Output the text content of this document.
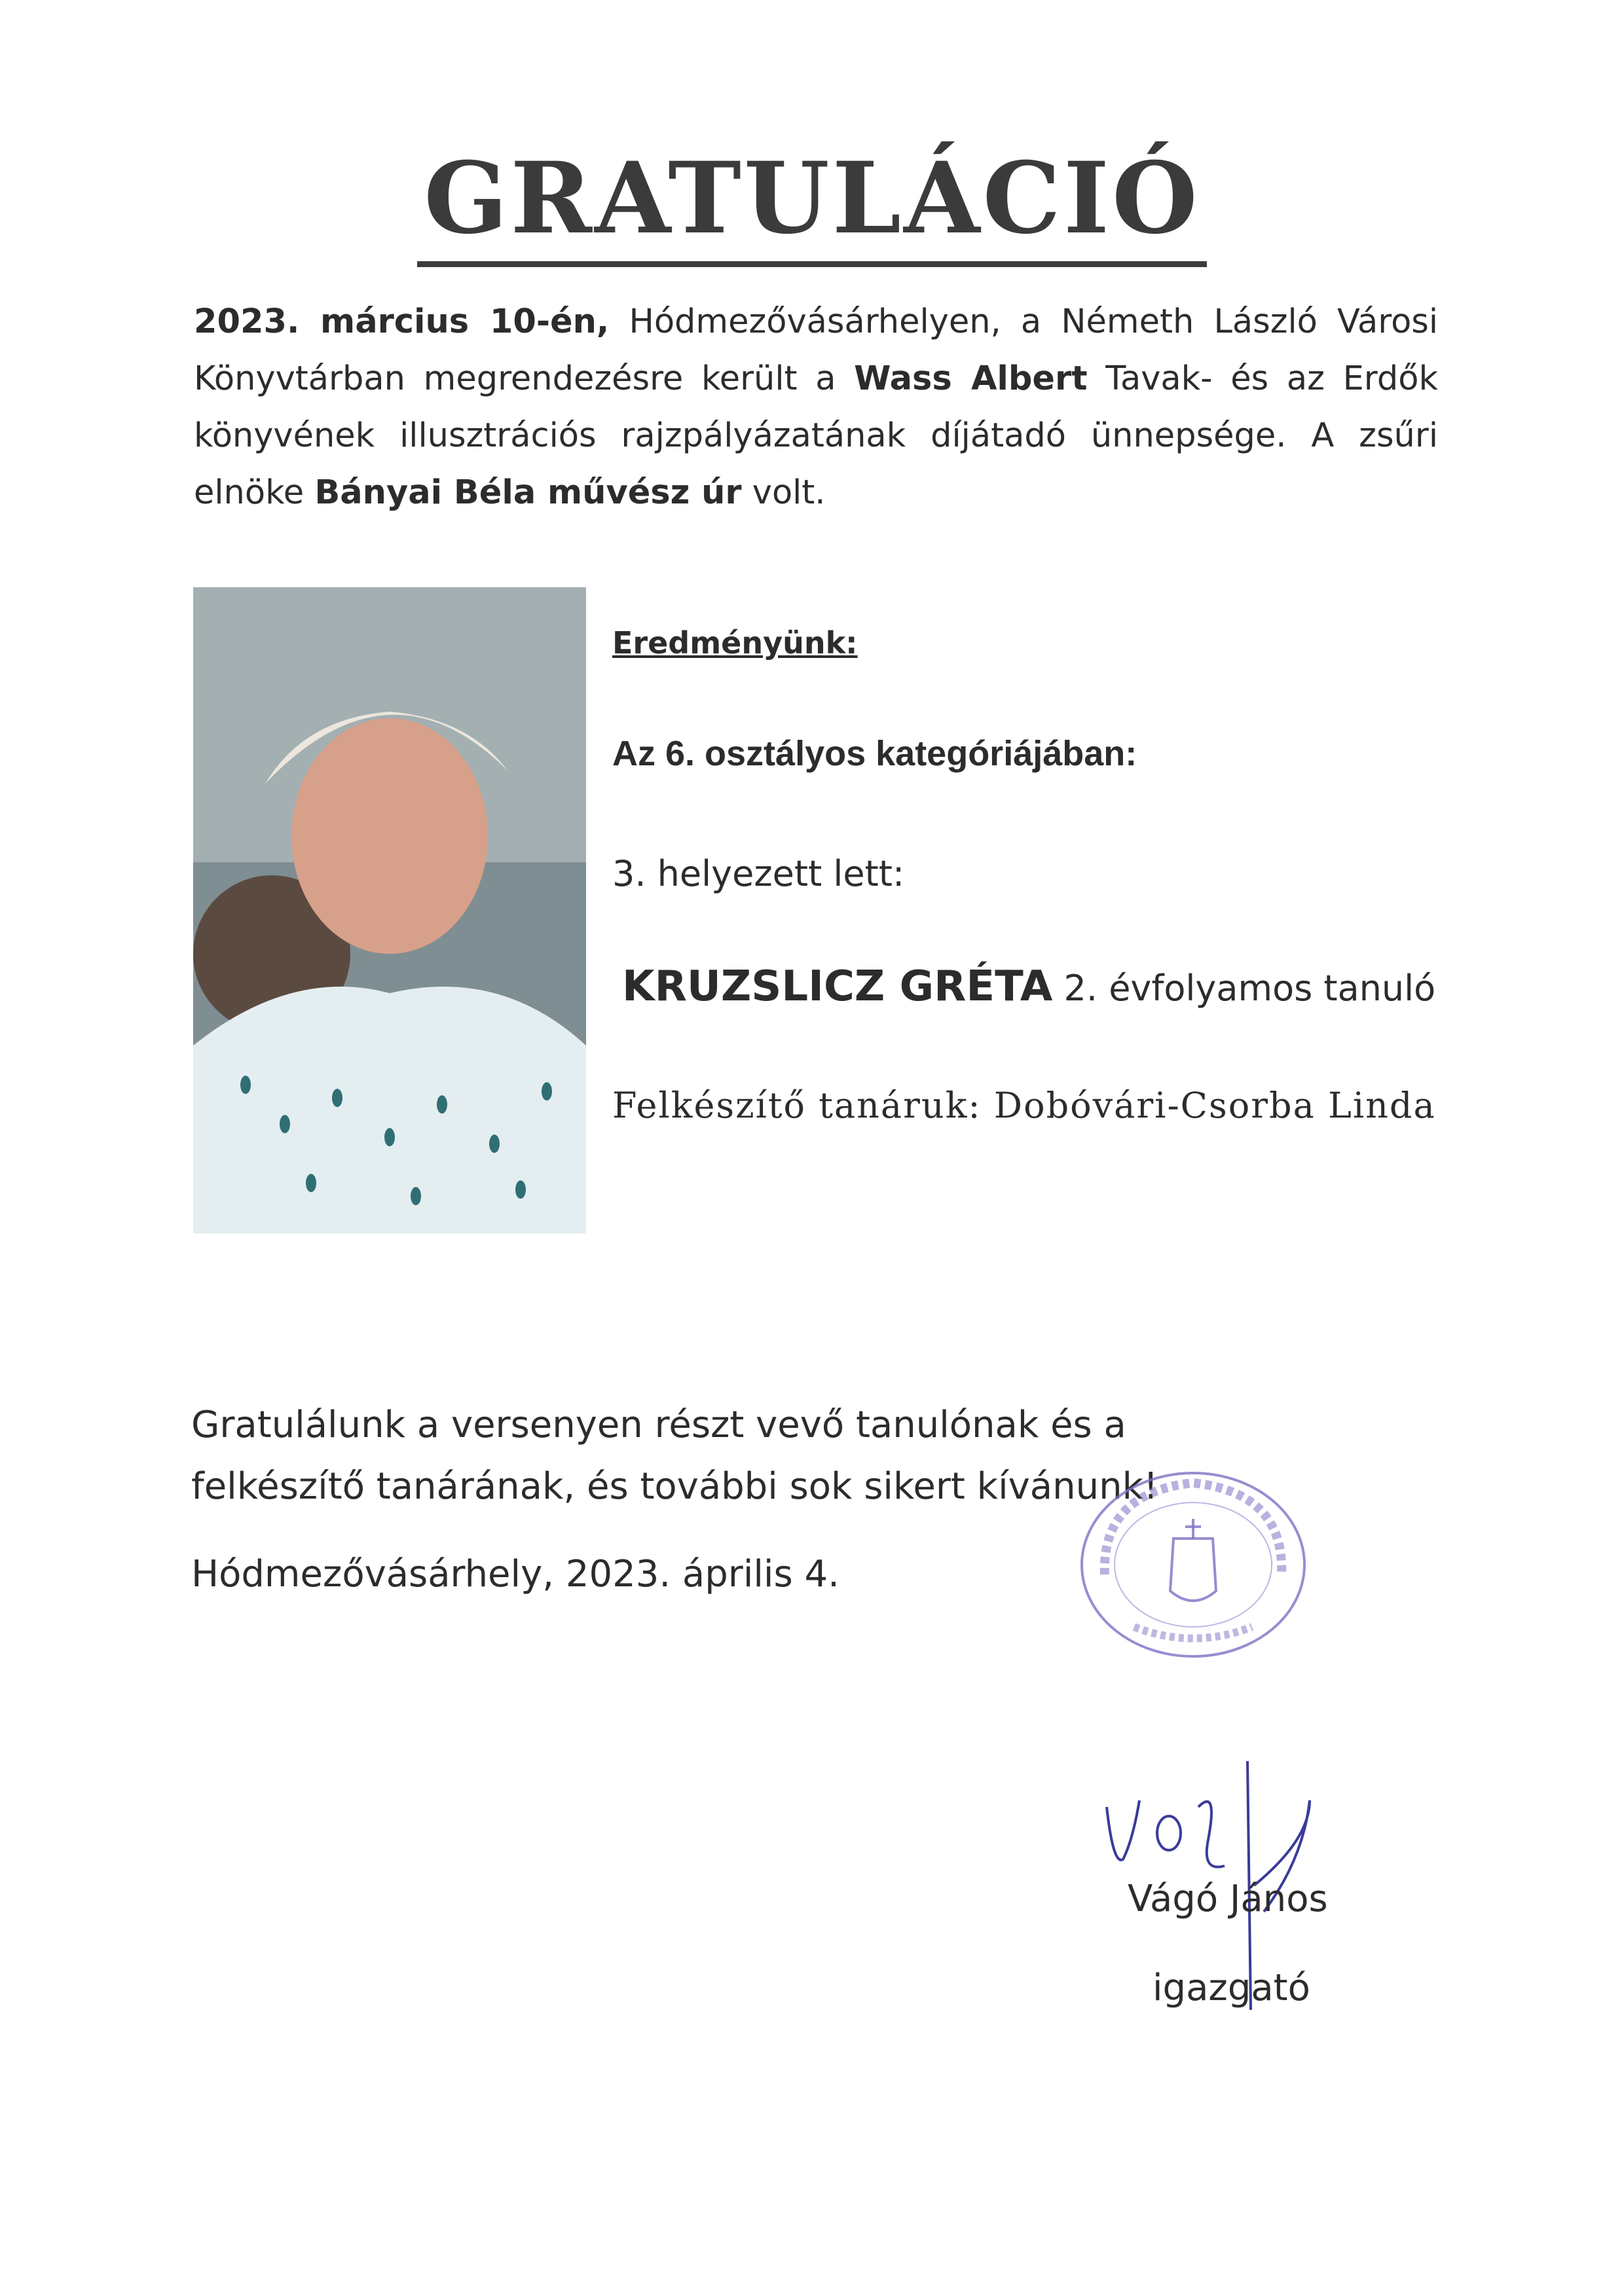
GRATULÁCIÓ
2023. március 10-én, Hódmezővásárhelyen, a Németh László Városi Könyvtárban megrendezésre került a Wass Albert Tavak- és az Erdők könyvének illusztrációs rajzpályázatának díjátadó ünnepsége. A zsűri elnöke Bányai Béla művész úr volt.
Eredményünk:
Az 6. osztályos kategóriájában:
3. helyezett lett:
KRUZSLICZ GRÉTA 2. évfolyamos tanuló
Felkészítő tanáruk: Dobóvári-Csorba Linda
Gratulálunk a versenyen részt vevő tanulónak és a felkészítő tanárának, és további sok sikert kívánunk!
Hódmezővásárhely, 2023. április 4.
Vágó János
igazgató
